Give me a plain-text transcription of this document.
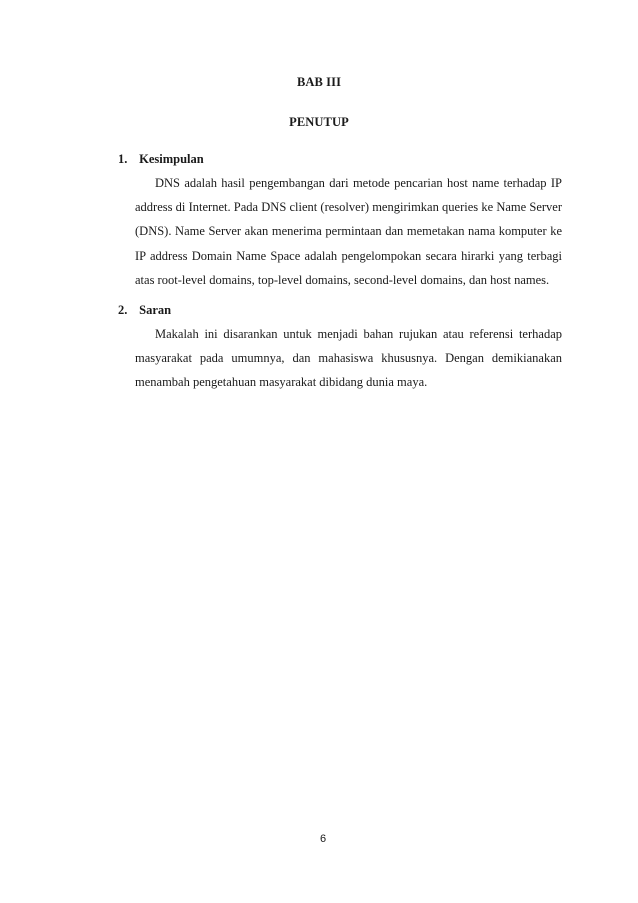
BAB III
PENUTUP
1. Kesimpulan
DNS adalah hasil pengembangan dari metode pencarian host name terhadap IP address di Internet. Pada DNS client (resolver) mengirimkan queries ke Name Server (DNS). Name Server akan menerima permintaan dan memetakan nama komputer ke IP address Domain Name Space adalah pengelompokan secara hirarki yang terbagi atas root-level domains, top-level domains, second-level domains, dan host names.
2. Saran
Makalah ini disarankan untuk menjadi bahan rujukan atau referensi terhadap masyarakat pada umumnya, dan mahasiswa khususnya. Dengan demikianakan menambah pengetahuan masyarakat dibidang dunia maya.
6
